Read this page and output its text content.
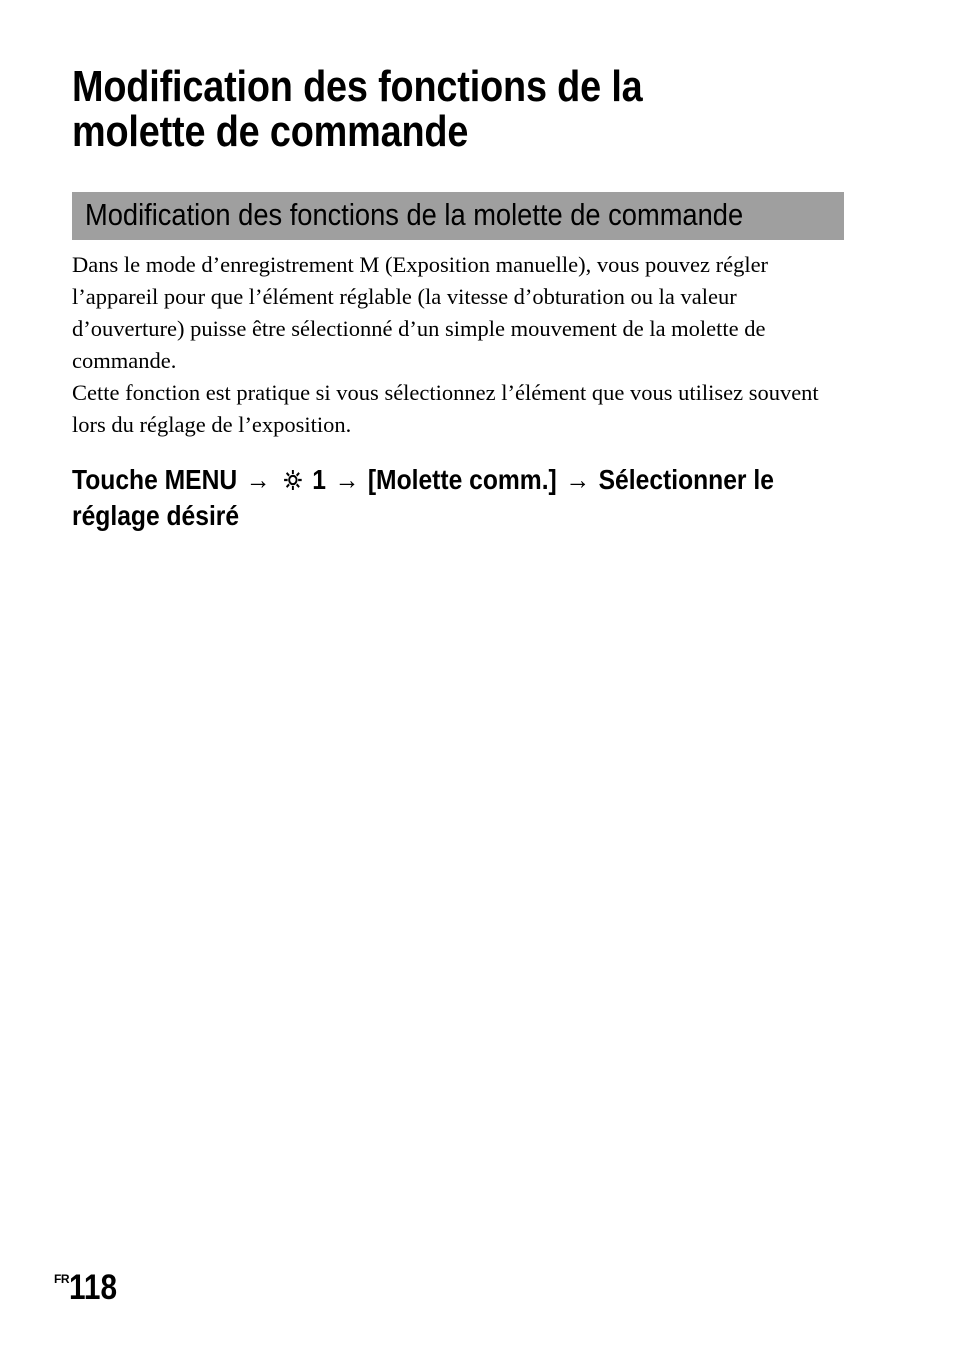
Modification des fonctions de la molette de commande
Modification des fonctions de la molette de commande

Dans le mode d’enregistrement M (Exposition manuelle), vous pouvez régler l’appareil pour que l’élément réglable (la vitesse d’obturation ou la valeur d’ouverture) puisse être sélectionné d’un simple mouvement de la molette de commande.

Cette fonction est pratique si vous sélectionnez l’élément que vous utilisez souvent lors du réglage de l’exposition.

Touche MENU → 1 → [Molette comm.] → Sélectionner le
réglage désiré
$^{FR}$118
